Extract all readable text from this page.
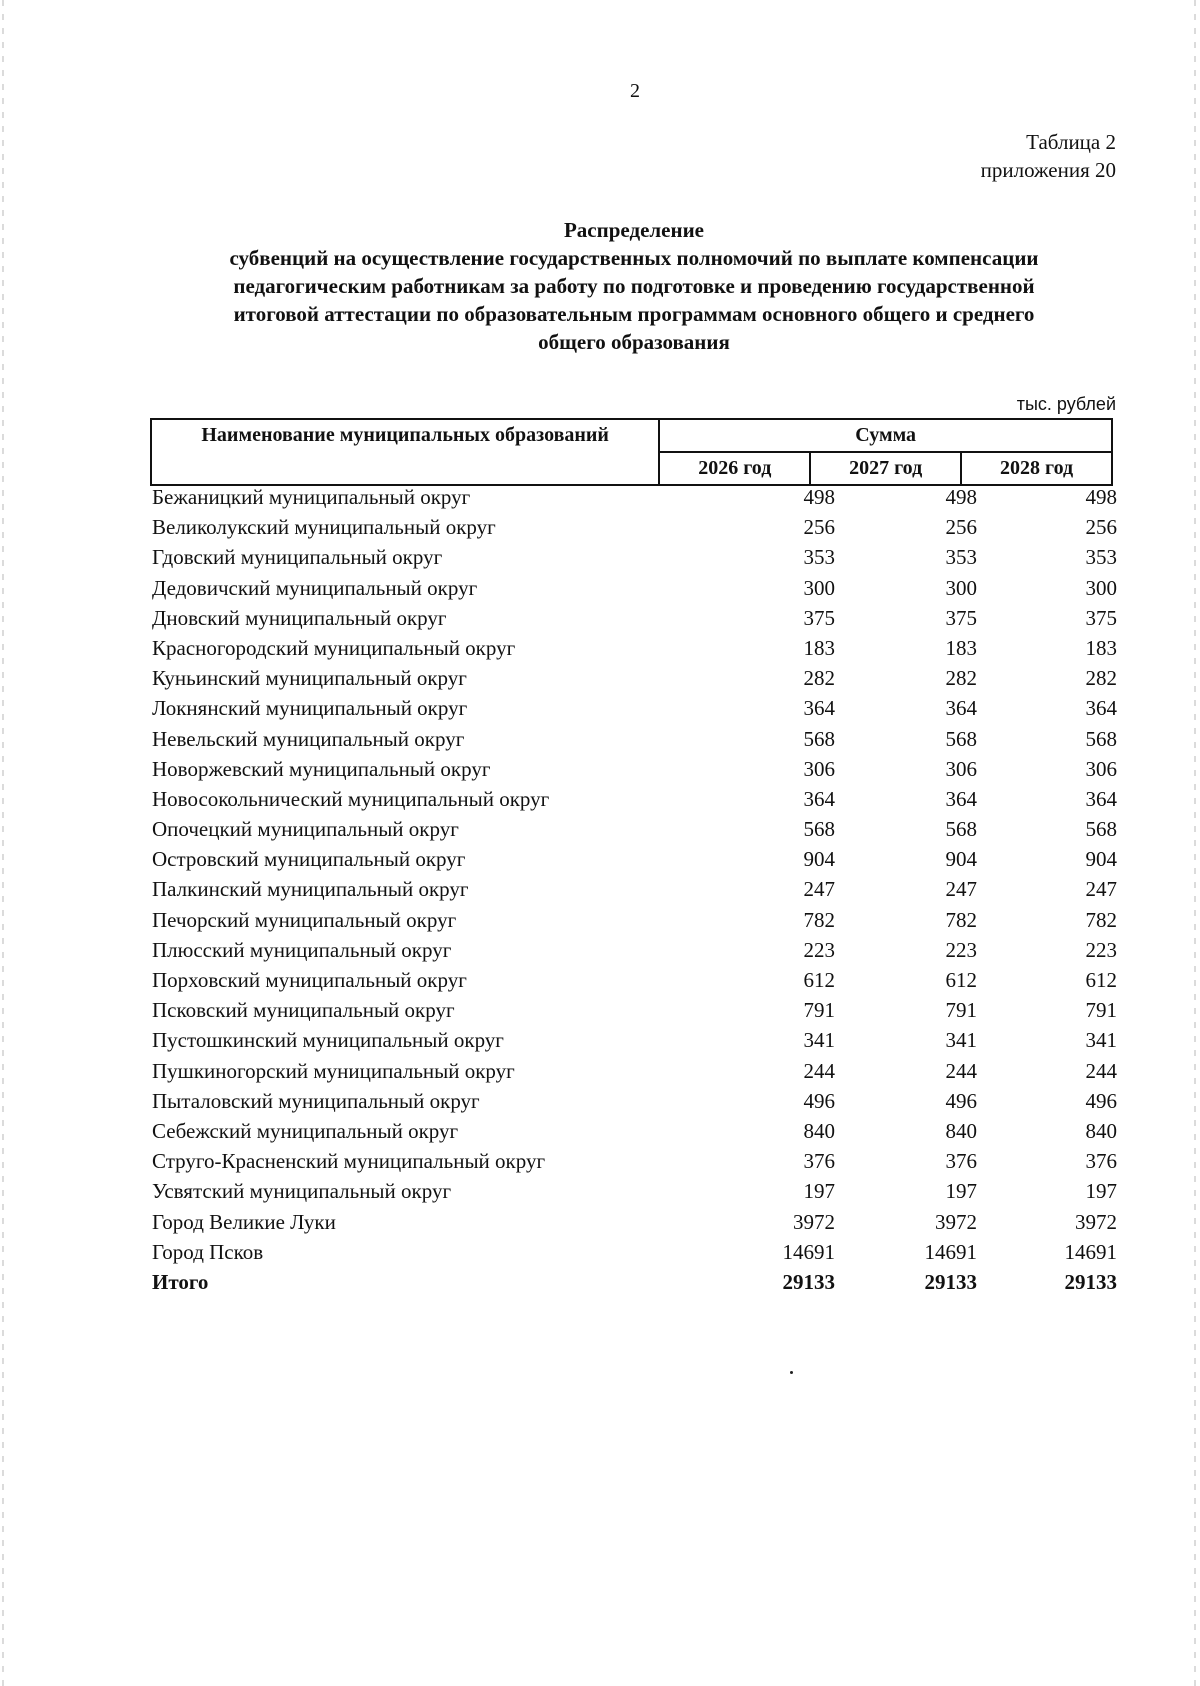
2
Таблица 2
приложения 20
Распределение
субвенций на осуществление государственных полномочий по выплате компенсации
педагогическим работникам за работу по подготовке и проведению государственной
итоговой аттестации по образовательным программам основного общего и среднего
общего образования
тыс. рублей
Наименование муниципальных образований	Сумма		
	2026 год	2027 год	2028 год
Бежаницкий муниципальный округ	498	498	498
Великолукский муниципальный округ	256	256	256
Гдовский муниципальный округ	353	353	353
Дедовичский муниципальный округ	300	300	300
Дновский муниципальный округ	375	375	375
Красногородский муниципальный округ	183	183	183
Куньинский муниципальный округ	282	282	282
Локнянский муниципальный округ	364	364	364
Невельский муниципальный округ	568	568	568
Новоржевский муниципальный округ	306	306	306
Новосокольнический муниципальный округ	364	364	364
Опочецкий муниципальный округ	568	568	568
Островский муниципальный округ	904	904	904
Палкинский муниципальный округ	247	247	247
Печорский муниципальный округ	782	782	782
Плюсский муниципальный округ	223	223	223
Порховский муниципальный округ	612	612	612
Псковский муниципальный округ	791	791	791
Пустошкинский муниципальный округ	341	341	341
Пушкиногорский муниципальный округ	244	244	244
Пыталовский муниципальный округ	496	496	496
Себежский муниципальный округ	840	840	840
Струго-Красненский муниципальный округ	376	376	376
Усвятский муниципальный округ	197	197	197
Город Великие Луки	3972	3972	3972
Город Псков	14691	14691	14691
Итого	29133	29133	29133
